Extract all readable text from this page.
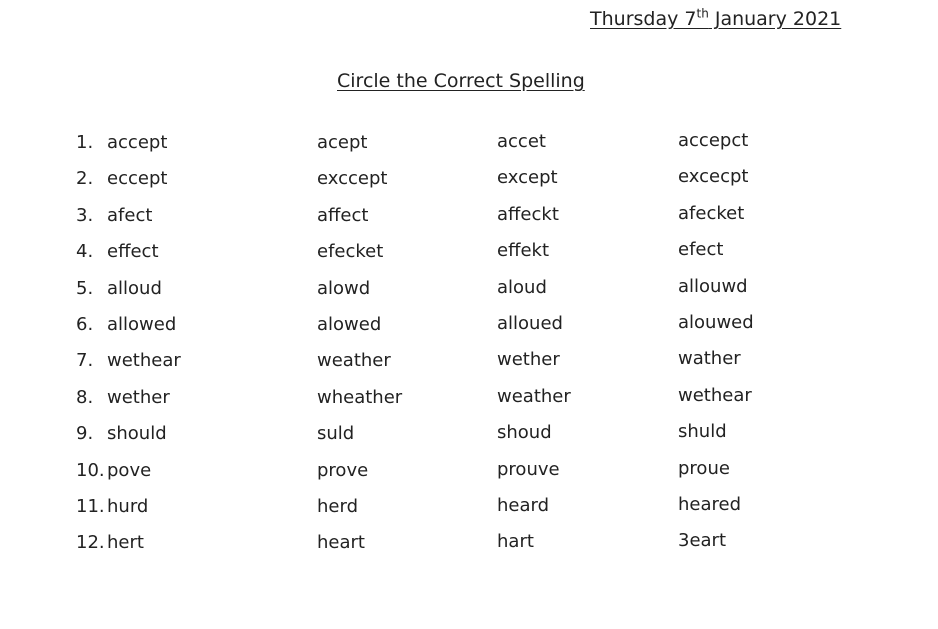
Thursday 7th January 2021
Circle the Correct Spelling
1. accept	acept	accet	accepct
2. eccept	exccept	except	excecpt
3. afect	affect	affeckt	afecket
4. effect	efecket	effekt	efect
5. alloud	alowd	aloud	allouwd
6. allowed	alowed	alloued	alouwed
7. wethear	weather	wether	wather
8. wether	wheather	weather	wethear
9. should	suld	shoud	shuld
10. pove	prove	prouve	proue
11. hurd	herd	heard	heared
12. hert	heart	hart	3eart
